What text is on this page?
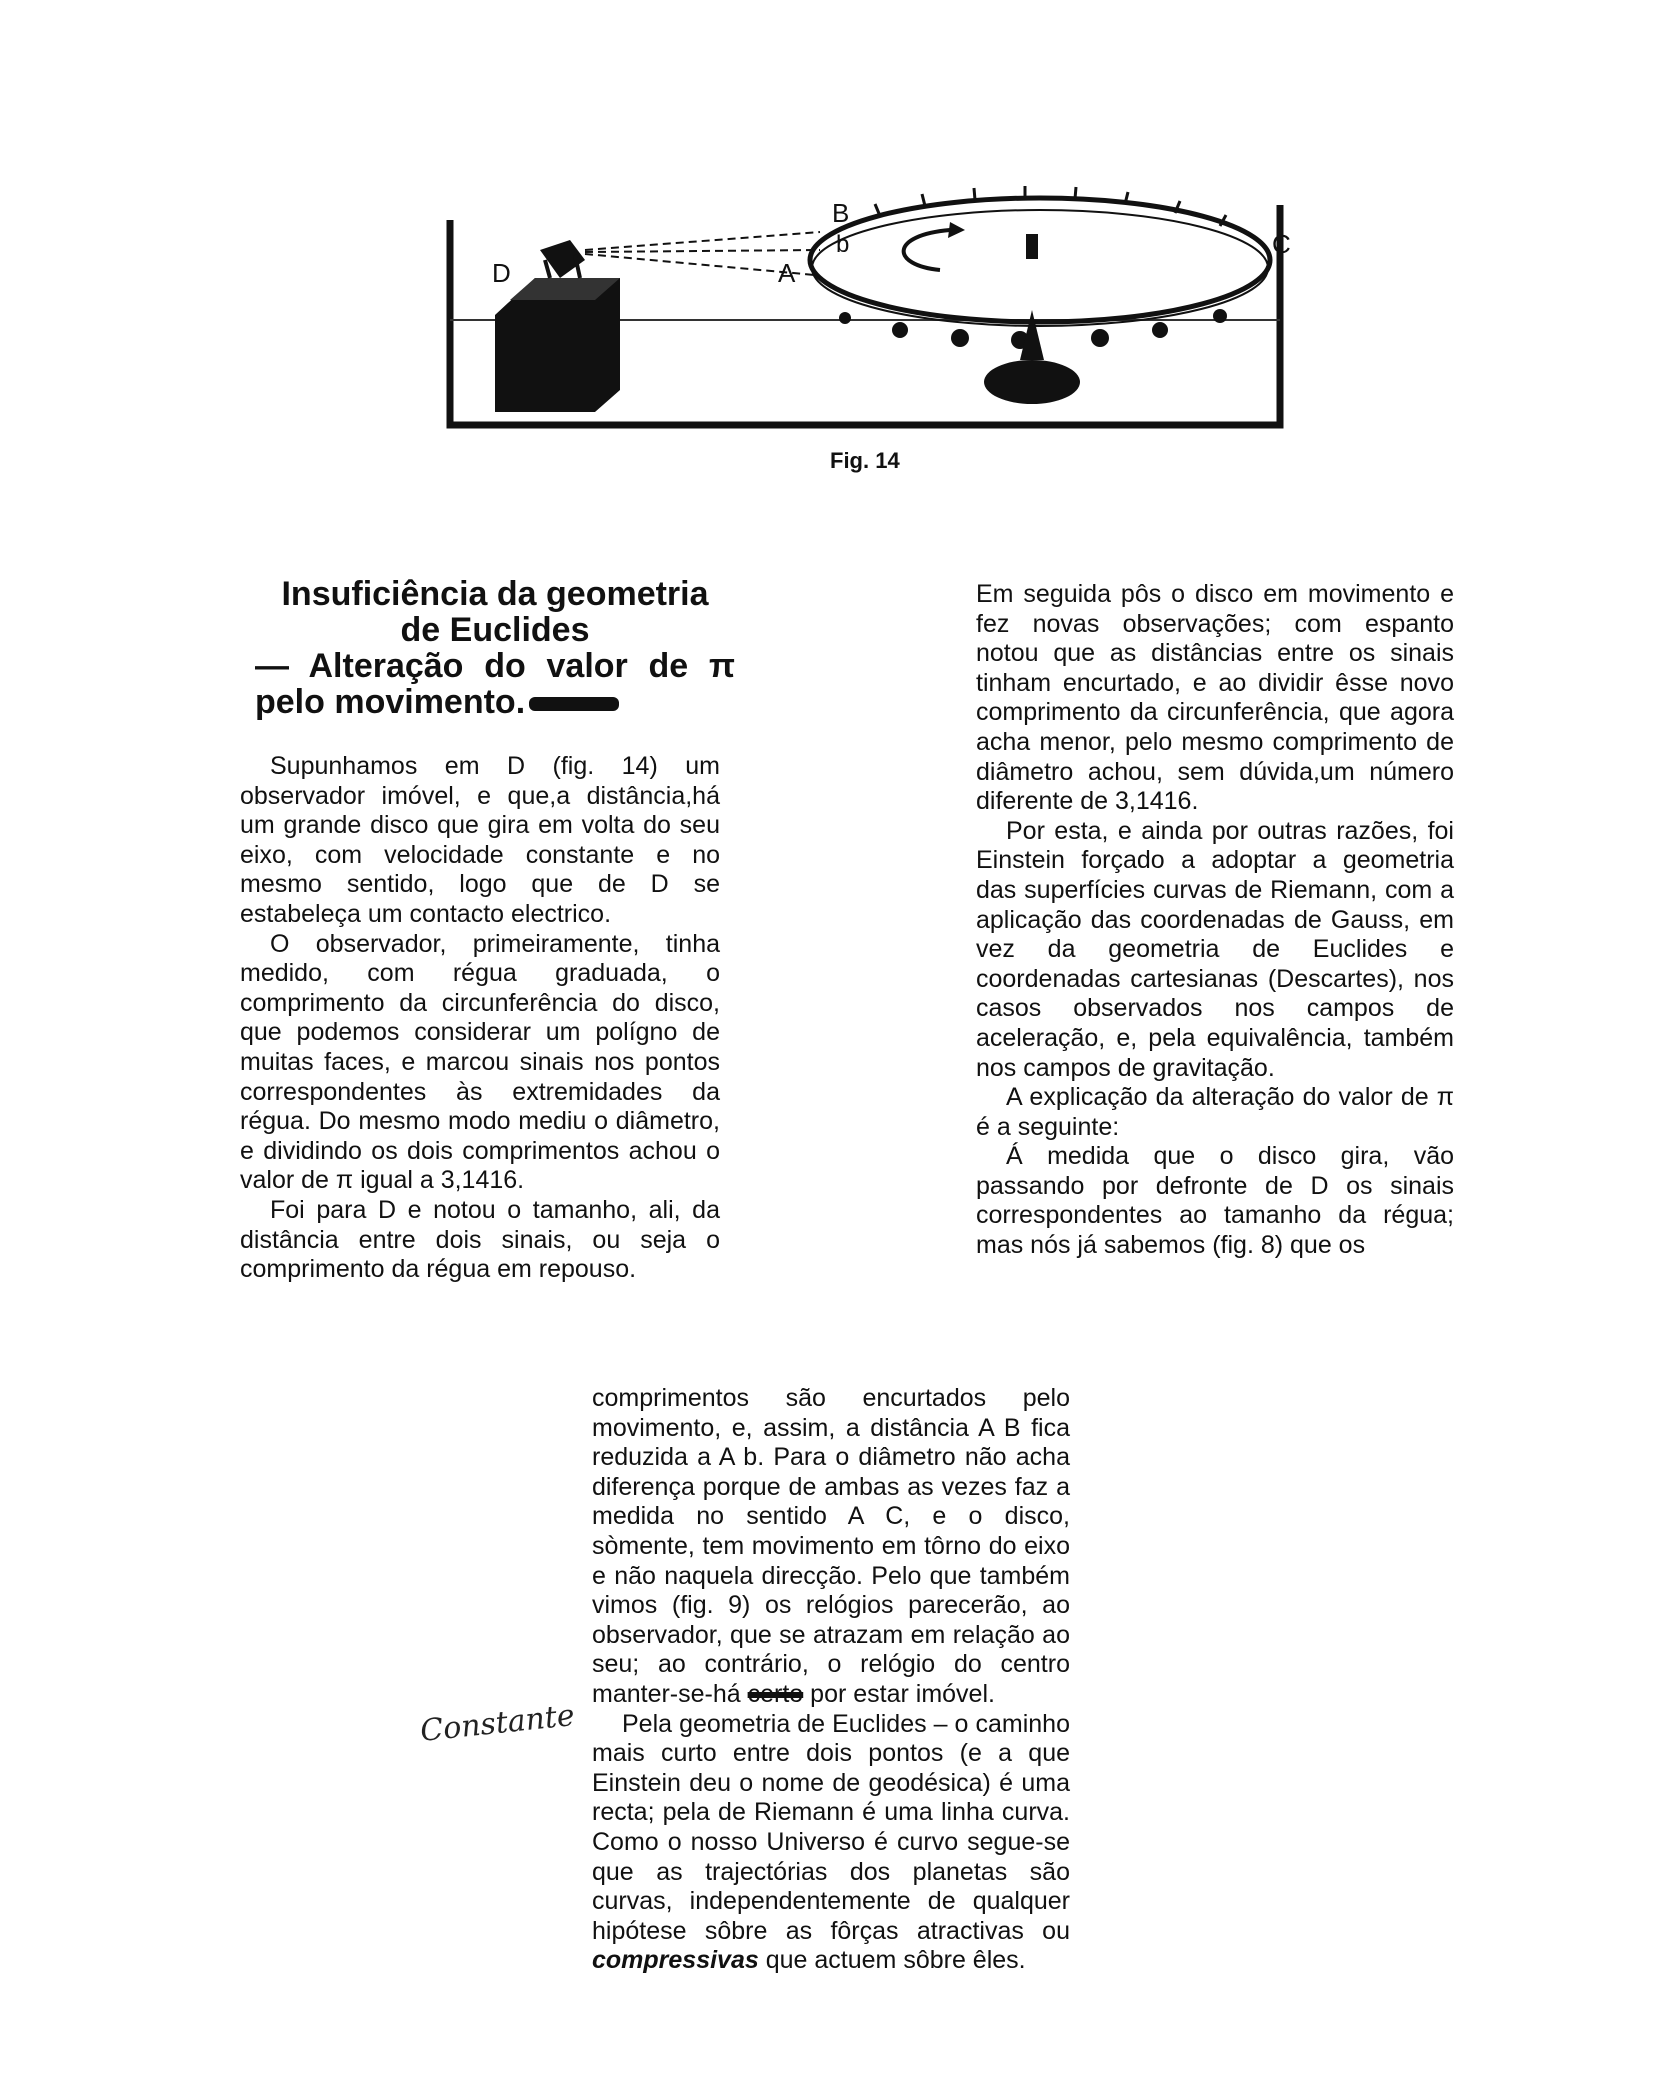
B
b
A
C
D
Fig. 14
Insuficiência da geometria
de Euclides
— Alteração do valor de π
pelo movimento.

Supunhamos em D (fig. 14) um observador imóvel, e que,a distância,há um grande disco que gira em volta do seu eixo, com velocidade constante e no mesmo sentido, logo que de D se estabeleça um contacto electrico.

O observador, primeiramente, tinha medido, com régua graduada, o comprimento da circunferência do disco, que podemos considerar um polígno de muitas faces, e marcou sinais nos pontos correspondentes às extremidades da régua. Do mesmo modo mediu o diâmetro, e dividindo os dois comprimentos achou o valor de π igual a 3,1416.

Foi para D e notou o tamanho, ali, da distância entre dois sinais, ou seja o comprimento da régua em repouso.

Em seguida pôs o disco em movimento e fez novas observações; com espanto notou que as distâncias entre os sinais tinham encurtado, e ao dividir êsse novo comprimento da circunferência, que agora acha menor, pelo mesmo comprimento de diâmetro achou, sem dúvida,um número diferente de 3,1416.

Por esta, e ainda por outras razões, foi Einstein forçado a adoptar a geometria das superfícies curvas de Riemann, com a aplicação das coordenadas de Gauss, em vez da geometria de Euclides e coordenadas cartesianas (Descartes), nos casos observados nos campos de aceleração, e, pela equivalência, também nos campos de gravitação.

A explicação da alteração do valor de π é a seguinte:

Á medida que o disco gira, vão passando por defronte de D os sinais correspondentes ao tamanho da régua; mas nós já sabemos (fig. 8) que os

comprimentos são encurtados pelo movimento, e, assim, a distância A B fica reduzida a A b. Para o diâmetro não acha diferença porque de ambas as vezes faz a medida no sentido A C, e o disco, sòmente, tem movimento em tôrno do eixo e não naquela direcção. Pelo que também vimos (fig. 9) os relógios parecerão, ao observador, que se atrazam em relação ao seu; ao contrário, o relógio do centro manter-se-há certo por estar imóvel.

Pela geometria de Euclides – o caminho mais curto entre dois pontos (e a que Einstein deu o nome de geodésica) é uma recta; pela de Riemann é uma linha curva. Como o nosso Universo é curvo segue-se que as trajectórias dos planetas são curvas, independentemente de qualquer hipótese sôbre as fôrças atractivas ou compressivas que actuem sôbre êles.

Constante
